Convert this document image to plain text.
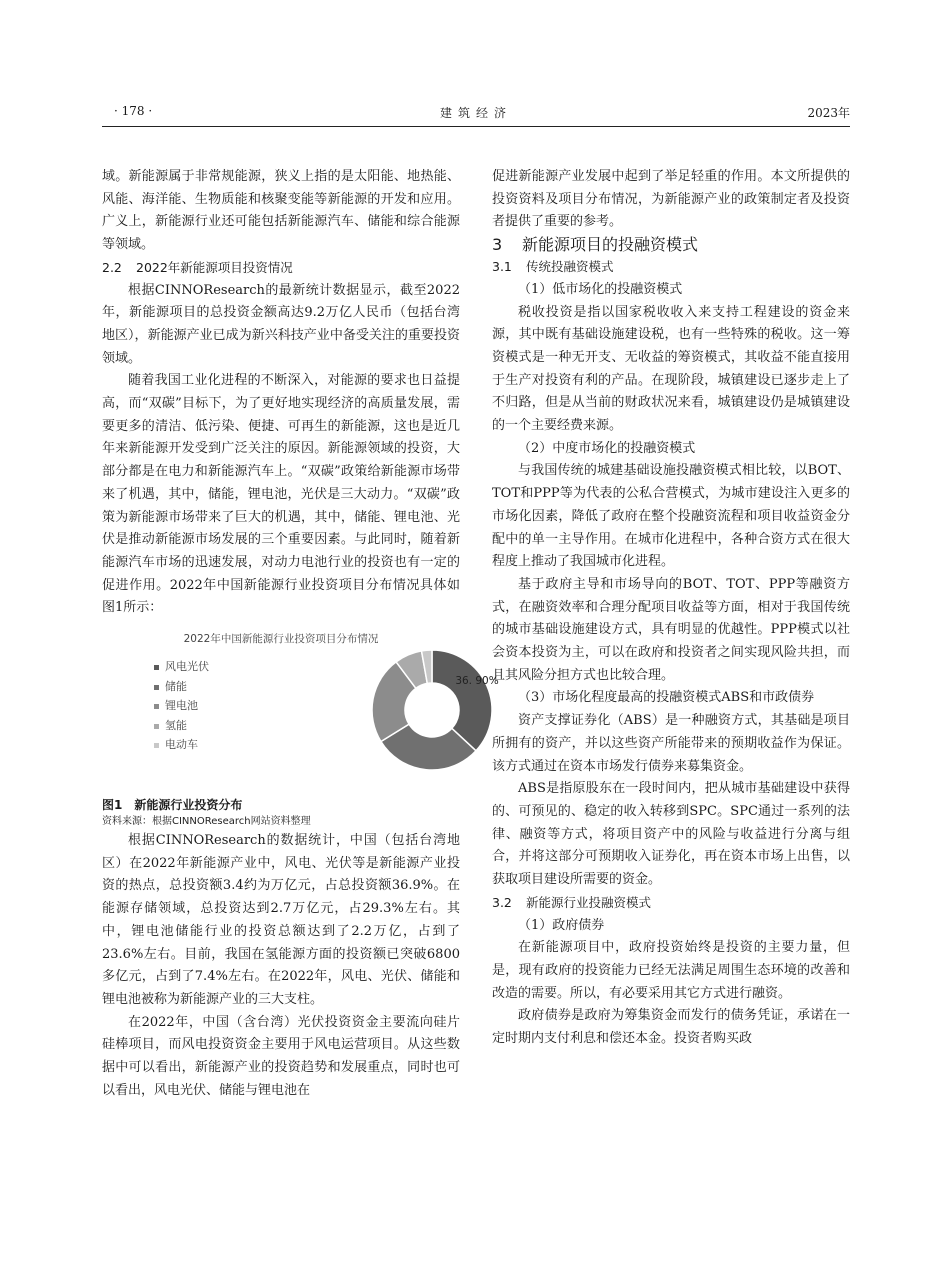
· 178 ·	建筑经济	2023年

域。新能源属于非常规能源，狭义上指的是太阳能、地热能、风能、海洋能、生物质能和核聚变能等新能源的开发和应用。广义上，新能源行业还可能包括新能源汽车、储能和综合能源等领域。

2.2 2022年新能源项目投资情况

根据CINNOResearch的最新统计数据显示，截至2022年，新能源项目的总投资金额高达9.2万亿人民币（包括台湾地区），新能源产业已成为新兴科技产业中备受关注的重要投资领域。

随着我国工业化进程的不断深入，对能源的要求也日益提高，而“双碳”目标下，为了更好地实现经济的高质量发展，需要更多的清洁、低污染、便捷、可再生的新能源，这也是近几年来新能源开发受到广泛关注的原因。新能源领域的投资，大部分都是在电力和新能源汽车上。“双碳”政策给新能源市场带来了机遇，其中，储能，锂电池，光伏是三大动力。“双碳”政策为新能源市场带来了巨大的机遇，其中，储能、锂电池、光伏是推动新能源市场发展的三个重要因素。与此同时，随着新能源汽车市场的迅速发展，对动力电池行业的投资也有一定的促进作用。2022年中国新能源行业投资项目分布情况具体如图1所示：

2022年中国新能源行业投资项目分布情况
风电光伏
储能
锂电池
氢能
电动车
36. 90%

图1　新能源行业投资分布

资料来源：根据CINNOResearch网站资料整理

根据CINNOResearch的数据统计，中国（包括台湾地区）在2022年新能源产业中，风电、光伏等是新能源产业投资的热点，总投资额3.4约为万亿元，占总投资额36.9%。在能源存储领域，总投资达到2.7万亿元，占29.3%左右。其中，锂电池储能行业的投资总额达到了2.2万亿，占到了23.6%左右。目前，我国在氢能源方面的投资额已突破6800多亿元，占到了7.4%左右。在2022年，风电、光伏、储能和锂电池被称为新能源产业的三大支柱。

在2022年，中国（含台湾）光伏投资资金主要流向硅片硅棒项目，而风电投资资金主要用于风电运营项目。从这些数据中可以看出，新能源产业的投资趋势和发展重点，同时也可以看出，风电光伏、储能与锂电池在

促进新能源产业发展中起到了举足轻重的作用。本文所提供的投资资料及项目分布情况，为新能源产业的政策制定者及投资者提供了重要的参考。

3 新能源项目的投融资模式

3.1 传统投融资模式

（1）低市场化的投融资模式

税收投资是指以国家税收收入来支持工程建设的资金来源，其中既有基础设施建设税，也有一些特殊的税收。这一筹资模式是一种无开支、无收益的筹资模式，其收益不能直接用于生产对投资有利的产品。在现阶段，城镇建设已逐步走上了不归路，但是从当前的财政状况来看，城镇建设仍是城镇建设的一个主要经费来源。

（2）中度市场化的投融资模式

与我国传统的城建基础设施投融资模式相比较，以BOT、TOT和PPP等为代表的公私合营模式，为城市建设注入更多的市场化因素，降低了政府在整个投融资流程和项目收益资金分配中的单一主导作用。在城市化进程中，各种合资方式在很大程度上推动了我国城市化进程。

基于政府主导和市场导向的BOT、TOT、PPP等融资方式，在融资效率和合理分配项目收益等方面，相对于我国传统的城市基础设施建设方式，具有明显的优越性。PPP模式以社会资本投资为主，可以在政府和投资者之间实现风险共担，而且其风险分担方式也比较合理。

（3）市场化程度最高的投融资模式ABS和市政债券

资产支撑证券化（ABS）是一种融资方式，其基础是项目所拥有的资产，并以这些资产所能带来的预期收益作为保证。该方式通过在资本市场发行债券来募集资金。

ABS是指原股东在一段时间内，把从城市基础建设中获得的、可预见的、稳定的收入转移到SPC。SPC通过一系列的法律、融资等方式，将项目资产中的风险与收益进行分离与组合，并将这部分可预期收入证券化，再在资本市场上出售，以获取项目建设所需要的资金。

3.2 新能源行业投融资模式

（1）政府债券

在新能源项目中，政府投资始终是投资的主要力量，但是，现有政府的投资能力已经无法满足周围生态环境的改善和改造的需要。所以，有必要采用其它方式进行融资。

政府债券是政府为筹集资金而发行的债务凭证，承诺在一定时期内支付利息和偿还本金。投资者购买政
